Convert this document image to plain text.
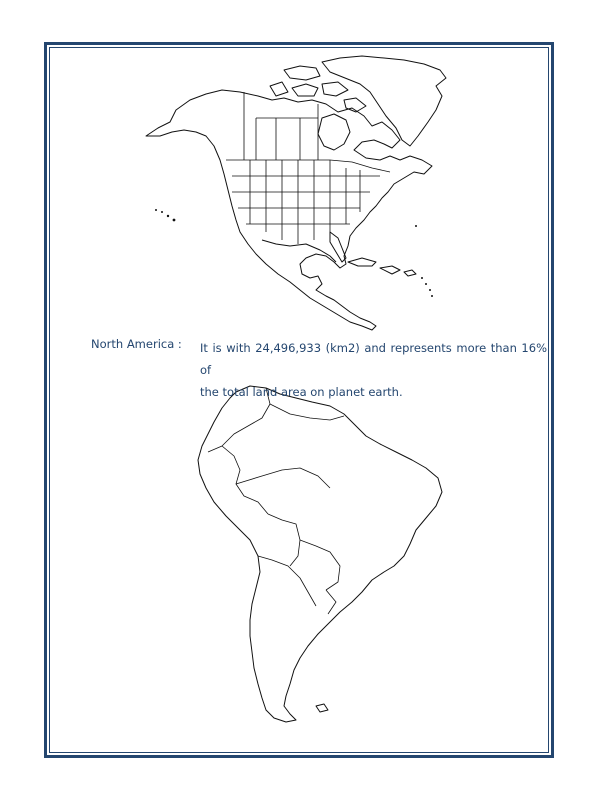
North America : It is with 24,496,933 (km2) and represents more than 16% of
the total land area on planet earth.
